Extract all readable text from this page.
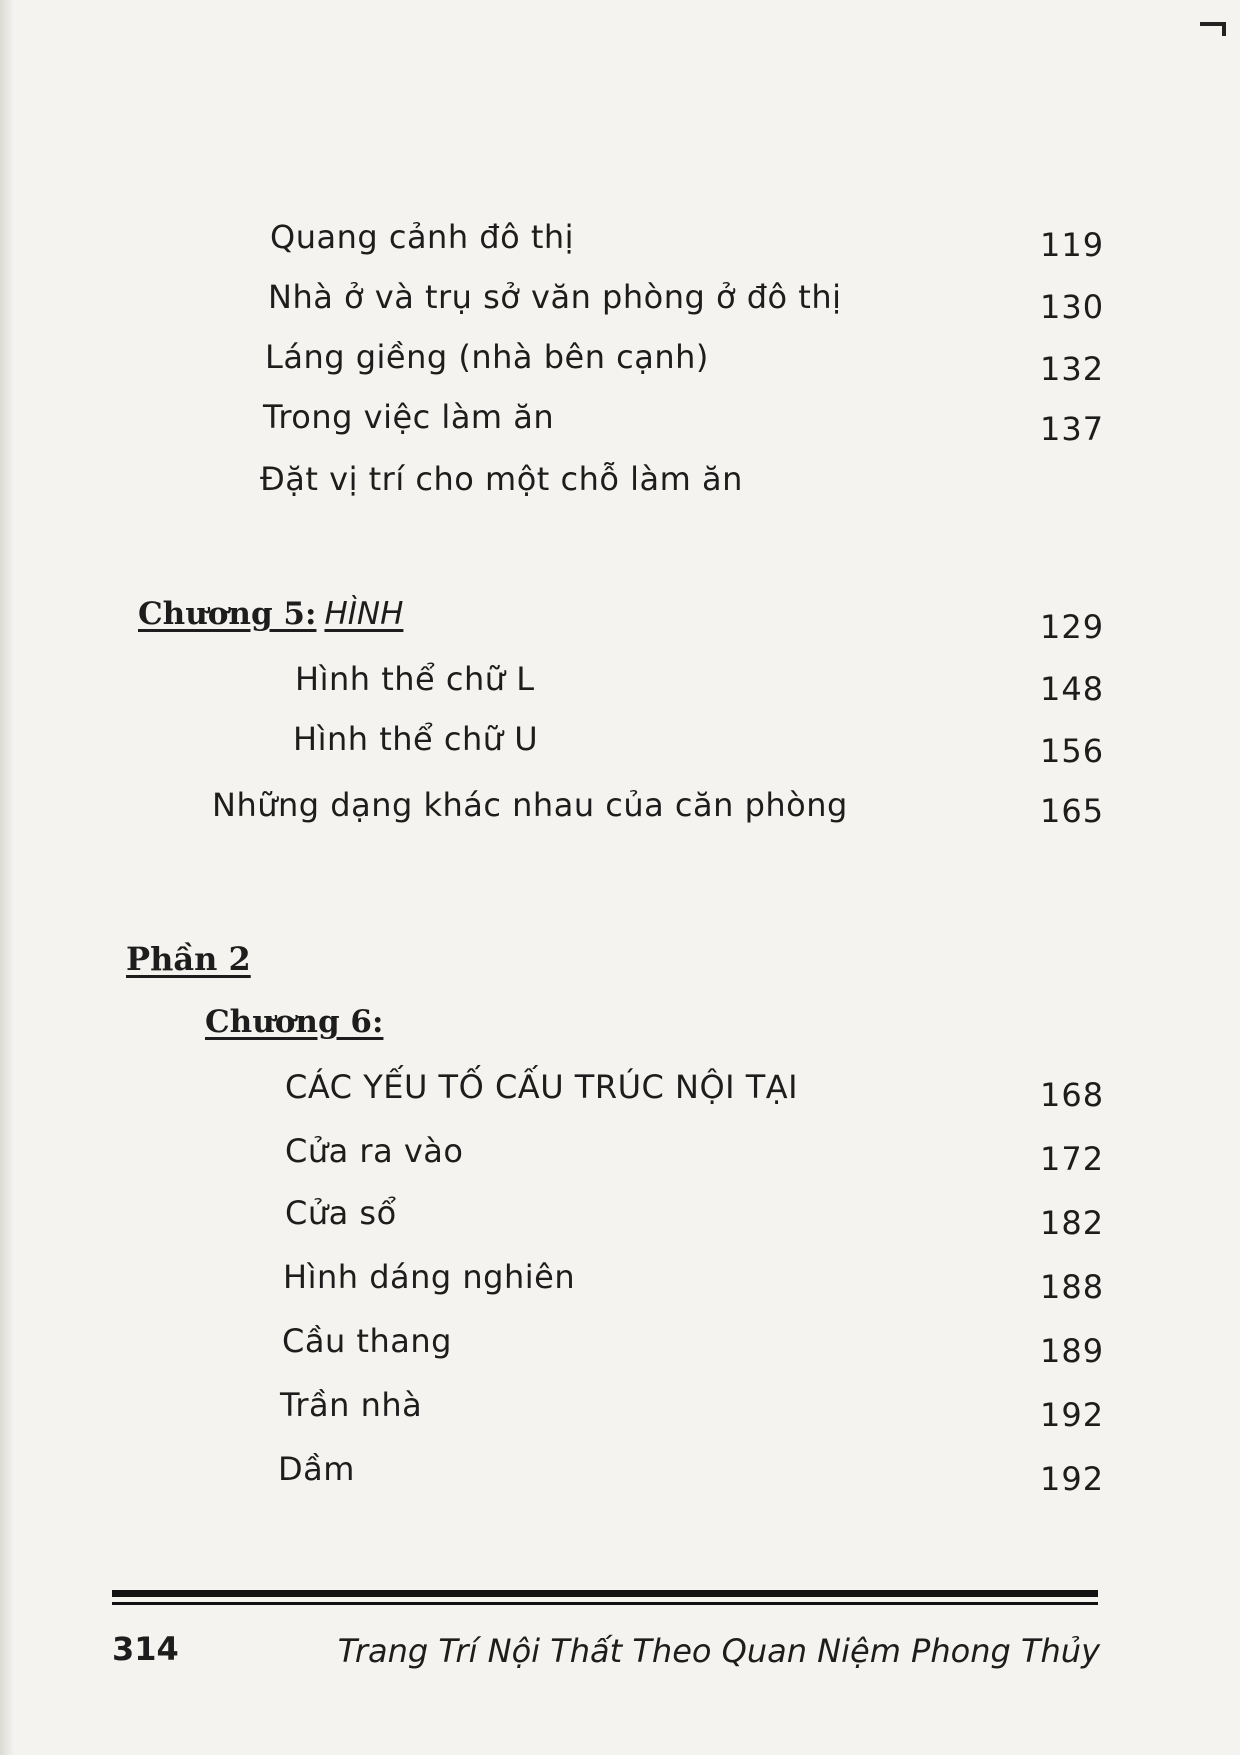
Quang cảnh đô thị	119
Nhà ở và trụ sở văn phòng ở đô thị	130
Láng giềng (nhà bên cạnh)	132
Trong việc làm ăn	137
Đặt vị trí cho một chỗ làm ăn
Chương 5: HÌNH	129
Hình thể chữ L	148
Hình thể chữ U	156
Những dạng khác nhau của căn phòng	165
Phần 2
Chương 6:
CÁC YẾU TỐ CẤU TRÚC NỘI TẠI	168
Cửa ra vào	172
Cửa sổ	182
Hình dáng nghiên	188
Cầu thang	189
Trần nhà	192
Dầm	192
314	Trang Trí Nội Thất Theo Quan Niệm Phong Thủy
